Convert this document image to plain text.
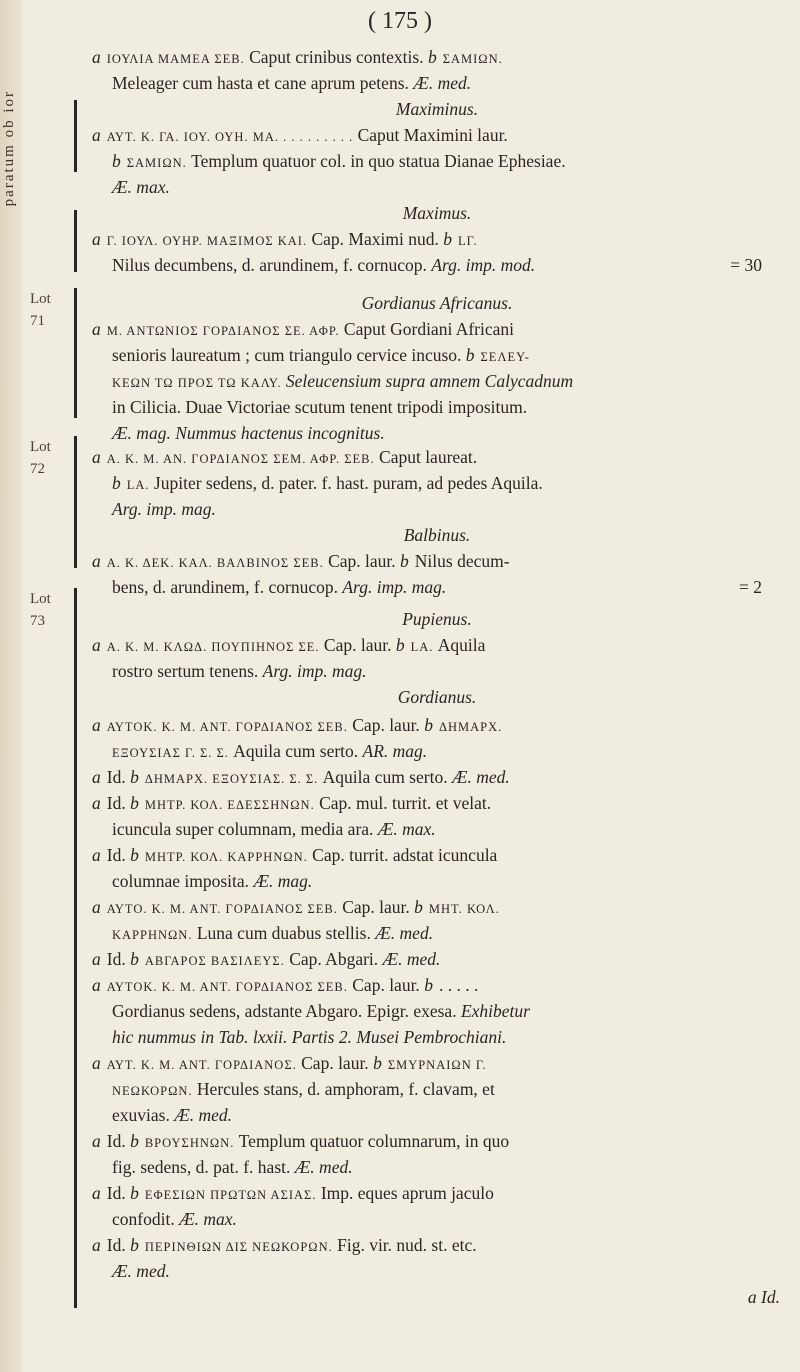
paratum ob ior
( 175 )
Lot
71
Lot
72
Lot
73
a ΙΟΥΛΙΑ ΜΑΜΕΑ ΣΕΒ. Caput crinibus contextis. b ΣΑΜΙΩΝ.
Meleager cum hasta et cane aprum petens. Æ. med.
Maximinus.
a ΑΥΤ. Κ. ΓΑ. ΙΟΥ. ΟΥΗ. ΜΑ. . . . . . . . . . Caput Maximini laur.
b ΣΑΜΙΩΝ. Templum quatuor col. in quo statua Dianae Ephesiae.
Æ. max.
Maximus.
a Γ. ΙΟΥΛ. ΟΥΗΡ. ΜΑΞΙΜΟΣ ΚΑΙ. Cap. Maximi nud. b LΓ.
Nilus decumbens, d. arundinem, f. cornucop. Arg. imp. mod.	= 30
Gordianus Africanus.
a Μ. ΑΝΤΩΝΙΟΣ ΓΟΡΔΙΑΝΟΣ ΣΕ. ΑΦΡ. Caput Gordiani Africani
senioris laureatum ; cum triangulo cervice incuso. b ΣΕΛΕΥ-
ΚΕΩΝ ΤΩ ΠΡΟΣ ΤΩ ΚΑΛΥ. Seleucensium supra amnem Calycadnum
in Cilicia. Duae Victoriae scutum tenent tripodi impositum.
Æ. mag. Nummus hactenus incognitus.
a Α. Κ. Μ. ΑΝ. ΓΟΡΔΙΑΝΟΣ ΣΕΜ. ΑΦΡ. ΣΕΒ. Caput laureat.
b LΑ. Jupiter sedens, d. pater. f. hast. puram, ad pedes Aquila.
Arg. imp. mag.
Balbinus.
a Α. Κ. ΔΕΚ. ΚΑΛ. ΒΑΛΒΙΝΟΣ ΣΕΒ. Cap. laur. b Nilus decum-
bens, d. arundinem, f. cornucop. Arg. imp. mag.	= 2
Pupienus.
a Α. Κ. Μ. ΚΛΩΔ. ΠΟΥΠΙΗΝΟΣ ΣΕ. Cap. laur. b LΑ. Aquila
rostro sertum tenens. Arg. imp. mag.
Gordianus.
a ΑΥΤΟΚ. Κ. Μ. ΑΝΤ. ΓΟΡΔΙΑΝΟΣ ΣΕΒ. Cap. laur. b ΔΗΜΑΡΧ.
ΕΞΟΥΣΙΑΣ Γ. Σ. Σ. Aquila cum serto. AR. mag.
a Id. b ΔΗΜΑΡΧ. ΕΞΟΥΣΙΑΣ. Σ. Σ. Aquila cum serto. Æ. med.
a Id. b ΜΗΤΡ. ΚΟΛ. ΕΔΕΣΣΗΝΩΝ. Cap. mul. turrit. et velat.
icuncula super columnam, media ara. Æ. max.
a Id. b ΜΗΤΡ. ΚΟΛ. ΚΑΡΡΗΝΩΝ. Cap. turrit. adstat icuncula
columnae imposita. Æ. mag.
a ΑΥΤΟ. Κ. Μ. ΑΝΤ. ΓΟΡΔΙΑΝΟΣ ΣΕΒ. Cap. laur. b ΜΗΤ. ΚΟΛ.
ΚΑΡΡΗΝΩΝ. Luna cum duabus stellis. Æ. med.
a Id. b ΑΒΓΑΡΟΣ ΒΑΣΙΛΕΥΣ. Cap. Abgari. Æ. med.
a ΑΥΤΟΚ. Κ. Μ. ΑΝΤ. ΓΟΡΔΙΑΝΟΣ ΣΕΒ. Cap. laur. b . . . . .
Gordianus sedens, adstante Abgaro. Epigr. exesa. Exhibetur
hic nummus in Tab. lxxii. Partis 2. Musei Pembrochiani.
a ΑΥΤ. Κ. Μ. ΑΝΤ. ΓΟΡΔΙΑΝΟΣ. Cap. laur. b ΣΜΥΡΝΑΙΩΝ Γ.
ΝΕΩΚΟΡΩΝ. Hercules stans, d. amphoram, f. clavam, et
exuvias. Æ. med.
a Id. b ΒΡΟΥΣΗΝΩΝ. Templum quatuor columnarum, in quo
fig. sedens, d. pat. f. hast. Æ. med.
a Id. b ΕΦΕΣΙΩΝ ΠΡΩΤΩΝ ΑΣΙΑΣ. Imp. eques aprum jaculo
confodit. Æ. max.
a Id. b ΠΕΡΙΝΘΙΩΝ ΔΙΣ ΝΕΩΚΟΡΩΝ. Fig. vir. nud. st. etc.
Æ. med.
a Id.
